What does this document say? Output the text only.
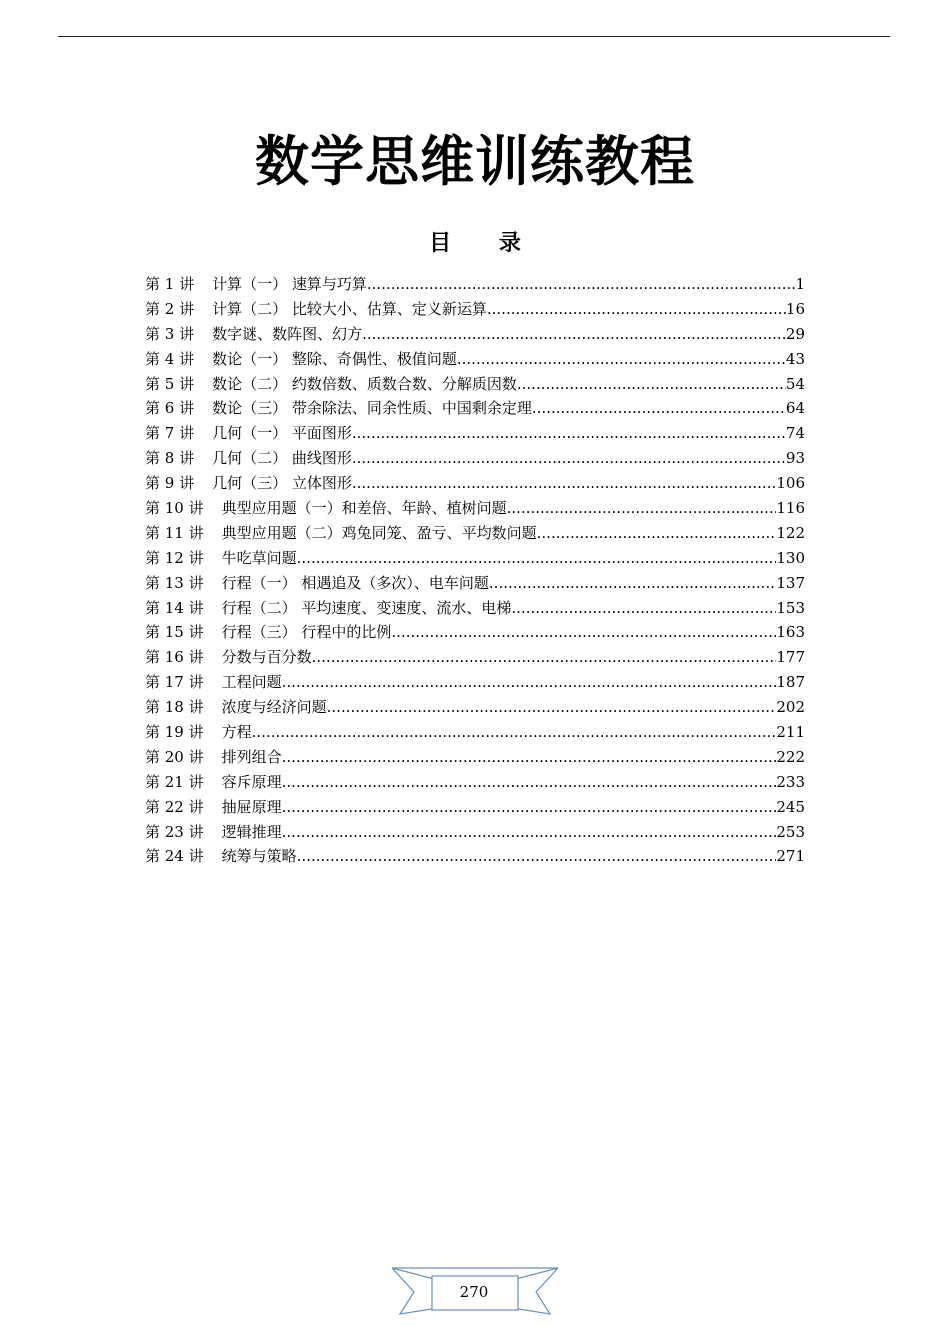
数学思维训练教程
目 录
第 1 讲	计算（一） 速算与巧算 .....	1
第 2 讲	计算（二） 比较大小、估算、定义新运算 .....	16
第 3 讲	数字谜、数阵图、幻方 .....	29
第 4 讲	数论（一） 整除、奇偶性、极值问题 .....	43
第 5 讲	数论（二） 约数倍数、质数合数、分解质因数 .....	54
第 6 讲	数论（三） 带余除法、同余性质、中国剩余定理 .....	64
第 7 讲	几何（一） 平面图形 .....	74
第 8 讲	几何（二） 曲线图形 .....	93
第 9 讲	几何（三） 立体图形 .....	106
第 10 讲	典型应用题（一）和差倍、年龄、植树问题 .....	116
第 11 讲	典型应用题（二）鸡兔同笼、盈亏、平均数问题 .....	122
第 12 讲	牛吃草问题 .....	130
第 13 讲	行程（一） 相遇追及（多次）、电车问题 .....	137
第 14 讲	行程（二） 平均速度、变速度、流水、电梯 .....	153
第 15 讲	行程（三） 行程中的比例 .....	163
第 16 讲	分数与百分数 .....	177
第 17 讲	工程问题 .....	187
第 18 讲	浓度与经济问题 .....	202
第 19 讲	方程 .....	211
第 20 讲	排列组合 .....	222
第 21 讲	容斥原理 .....	233
第 22 讲	抽屉原理 .....	245
第 23 讲	逻辑推理 .....	253
第 24 讲	统筹与策略 .....	271
270
